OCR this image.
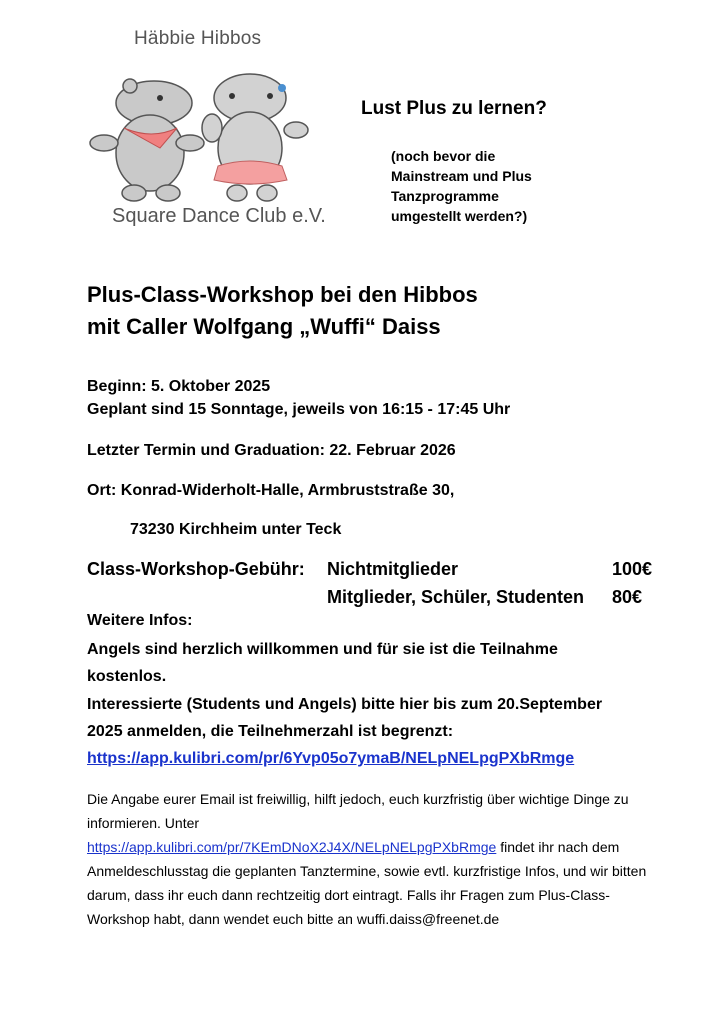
Häbbie Hibbos
Square Dance Club e.V.
Lust Plus zu lernen?
(noch bevor die
Mainstream und Plus
Tanzprogramme
umgestellt werden?)
Plus-Class-Workshop bei den Hibbos
mit Caller Wolfgang „Wuffi“ Daiss
Beginn: 5. Oktober 2025
Geplant sind 15 Sonntage, jeweils von 16:15 - 17:45 Uhr
Letzter Termin und Graduation: 22. Februar 2026
Ort: Konrad-Widerholt-Halle, Armbruststraße 30,
73230 Kirchheim unter Teck
Class-Workshop-Gebühr: Nichtmitglieder	100€
Mitglieder, Schüler, Studenten 80€
Weitere Infos:
Angels sind herzlich willkommen und für sie ist die Teilnahme
kostenlos.
Interessierte (Students und Angels) bitte hier bis zum 20.September
2025 anmelden, die Teilnehmerzahl ist begrenzt:
https://app.kulibri.com/pr/6Yvp05o7ymaB/NELpNELpgPXbRmge
Die Angabe eurer Email ist freiwillig, hilft jedoch, euch kurzfristig über wichtige Dinge zu informieren. Unter
https://app.kulibri.com/pr/7KEmDNoX2J4X/NELpNELpgPXbRmge findet ihr nach dem Anmeldeschlusstag die geplanten Tanztermine, sowie evtl. kurzfristige Infos, und wir bitten darum, dass ihr euch dann rechtzeitig dort eintragt. Falls ihr Fragen zum Plus-Class-Workshop habt, dann wendet euch bitte an wuffi.daiss@freenet.de
